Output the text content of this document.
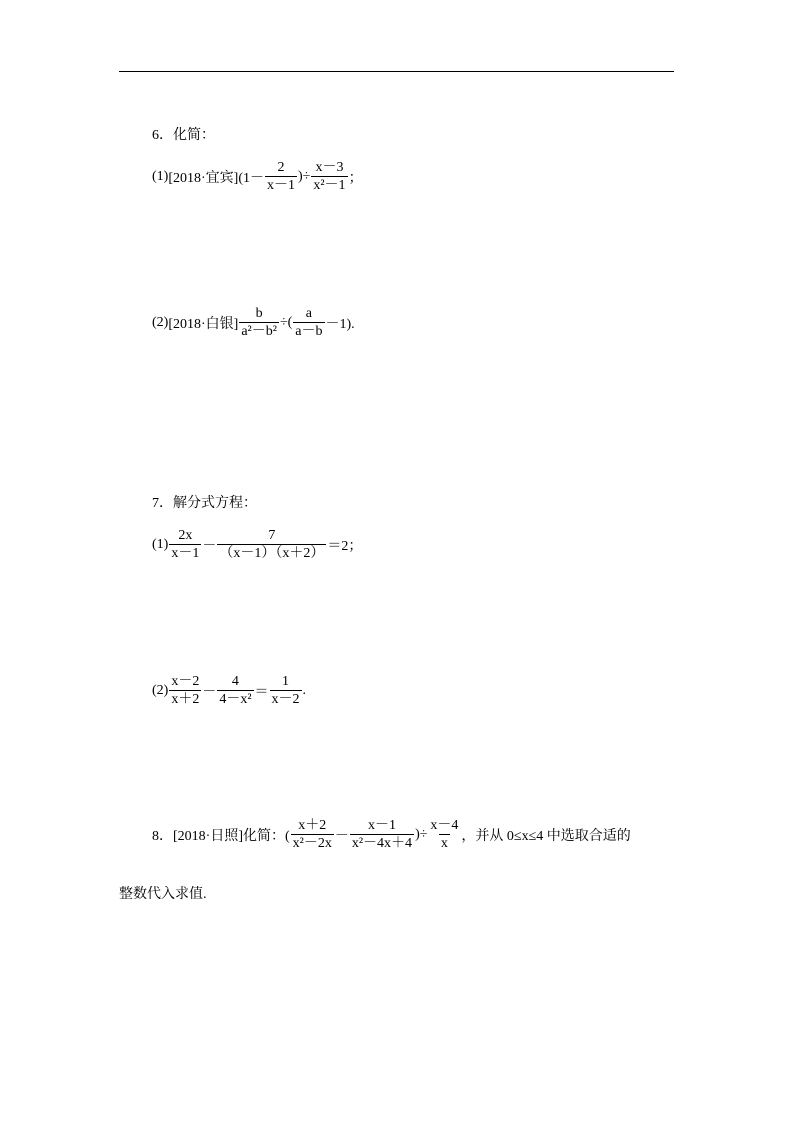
6．化简：
(1) [2018·宜宾] ($1- \frac{2}{x-1}$ )÷ $\frac{x-3}{\text{x²－1}}$ ；
(2) [2018·白银] $\frac{b}{\text{a²－b²}}$ ÷( $\frac{a}{a-b} -1$).
7．解分式方程：
$(1) \frac{2x}{x-1} - \frac{7}{(x-1)(x+2)} =2$；
$(2) \frac{x-2}{x+2} - \frac{4}{\text{4－x²}} = \frac{1}{x-2}$ .
8．[2018·日照]化简：( $\frac{x+2}{\text{x²－2x}} - \frac{x-1}{\text{x²－4x＋4}}$ )÷ $\frac{x-4}{x}$ ，并从 0≤x≤4 中选取合适的
整数代入求值.
